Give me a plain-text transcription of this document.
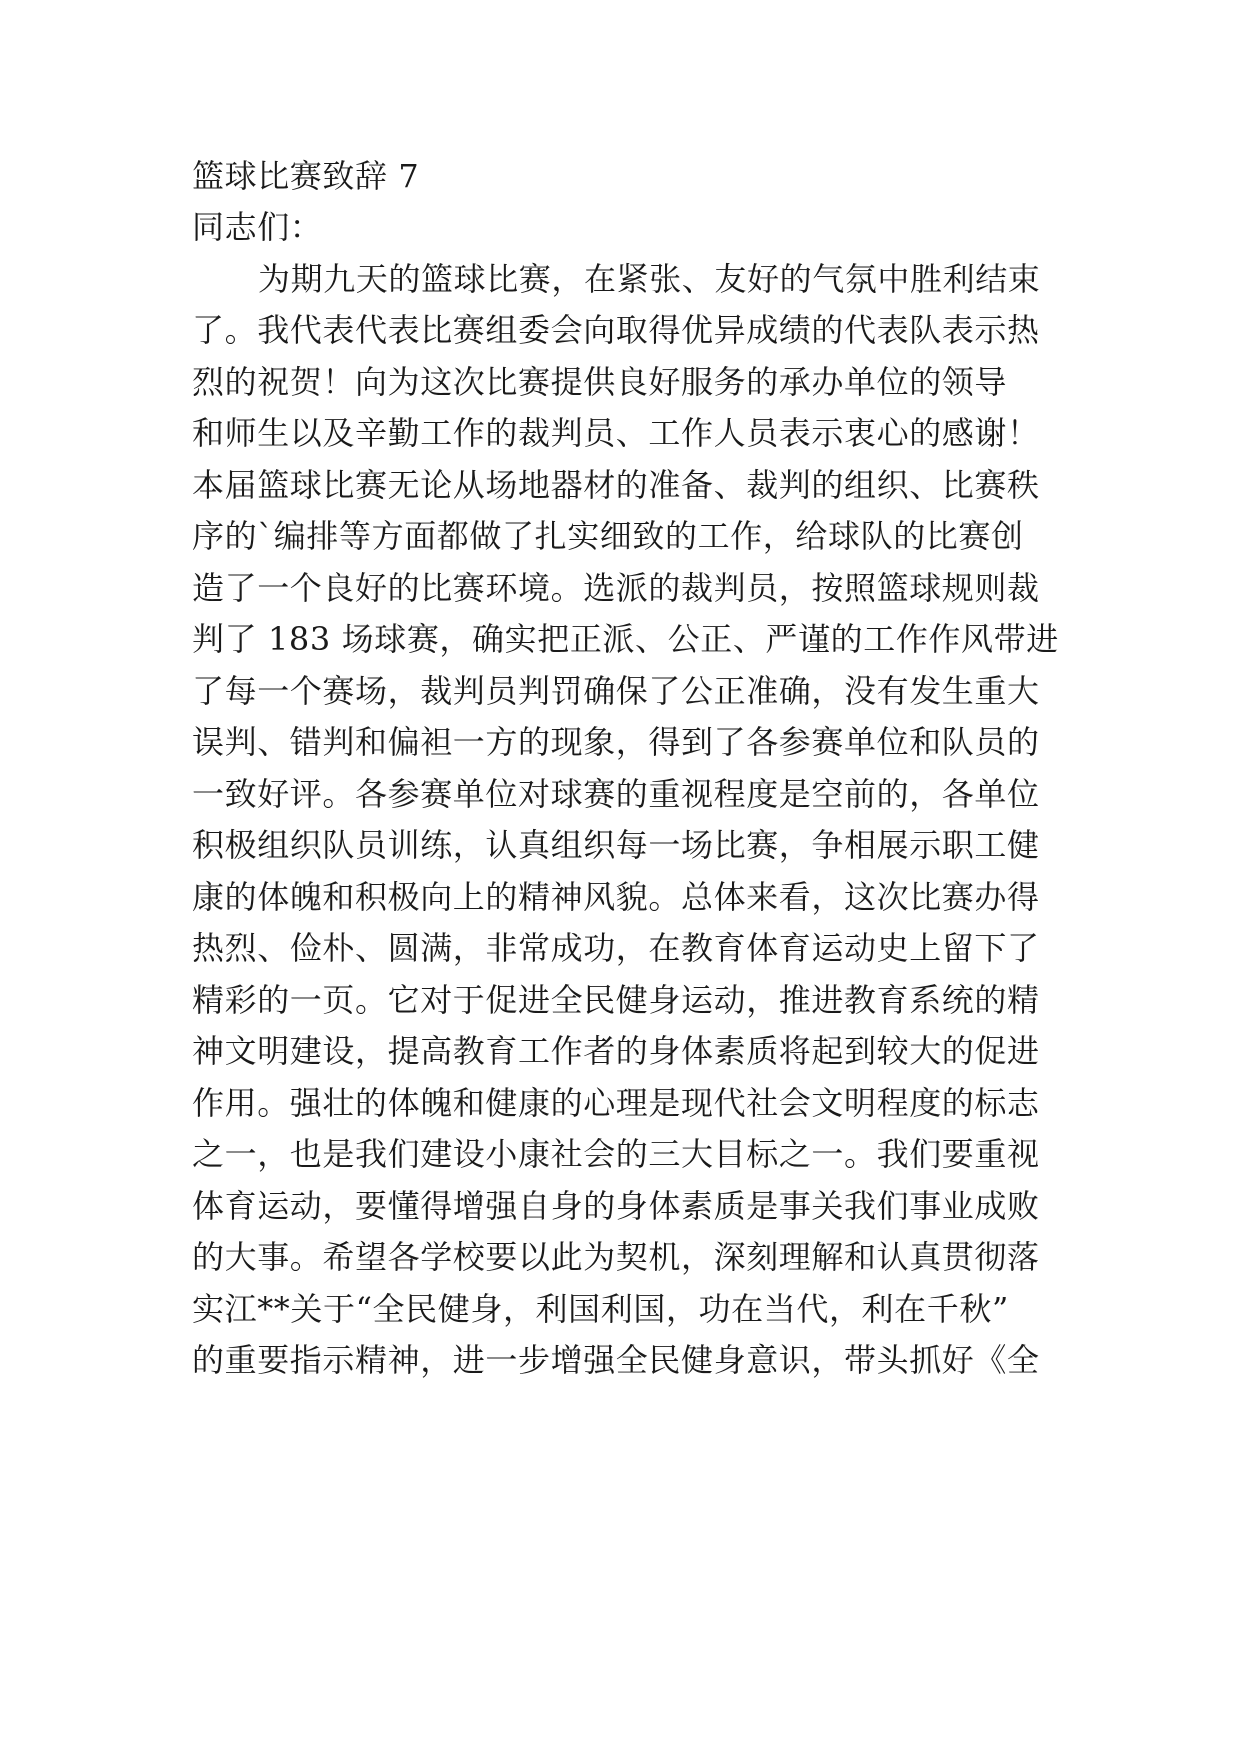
篮球比赛致辞 7
同志们：
为期九天的篮球比赛，在紧张、友好的气氛中胜利结束
了。我代表代表比赛组委会向取得优异成绩的代表队表示热
烈的祝贺！向为这次比赛提供良好服务的承办单位的领导
和师生以及辛勤工作的裁判员、工作人员表示衷心的感谢！
本届篮球比赛无论从场地器材的准备、裁判的组织、比赛秩
序的`编排等方面都做了扎实细致的工作，给球队的比赛创
造了一个良好的比赛环境。选派的裁判员，按照篮球规则裁
判了 183 场球赛，确实把正派、公正、严谨的工作作风带进
了每一个赛场，裁判员判罚确保了公正准确，没有发生重大
误判、错判和偏袒一方的现象，得到了各参赛单位和队员的
一致好评。各参赛单位对球赛的重视程度是空前的，各单位
积极组织队员训练，认真组织每一场比赛，争相展示职工健
康的体魄和积极向上的精神风貌。总体来看，这次比赛办得
热烈、俭朴、圆满，非常成功，在教育体育运动史上留下了
精彩的一页。它对于促进全民健身运动，推进教育系统的精
神文明建设，提高教育工作者的身体素质将起到较大的促进
作用。强壮的体魄和健康的心理是现代社会文明程度的标志
之一，也是我们建设小康社会的三大目标之一。我们要重视
体育运动，要懂得增强自身的身体素质是事关我们事业成败
的大事。希望各学校要以此为契机，深刻理解和认真贯彻落
实江**关于“全民健身，利国利国，功在当代，利在千秋”
的重要指示精神，进一步增强全民健身意识，带头抓好《全
